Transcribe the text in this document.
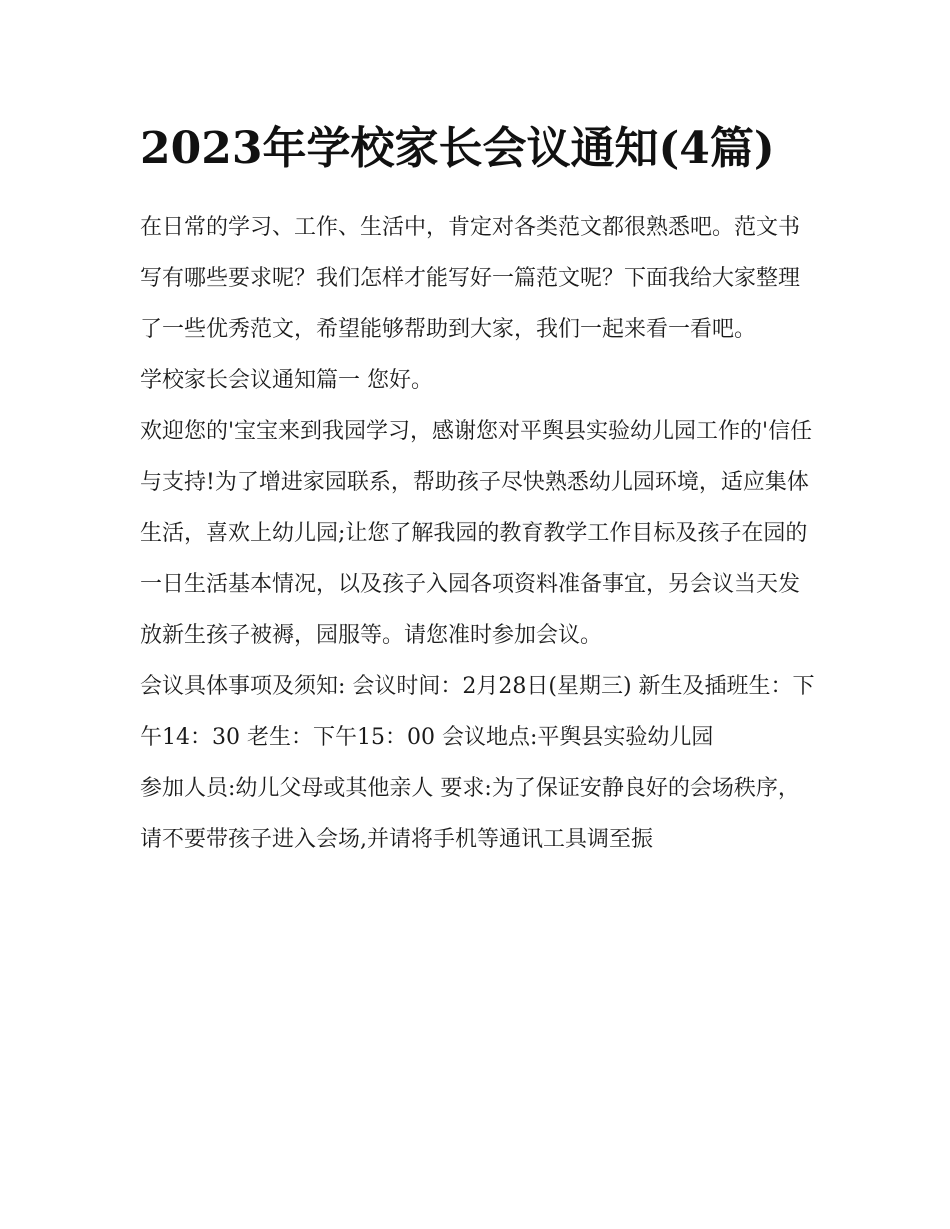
2023年学校家长会议通知(4篇)

在日常的学习、工作、生活中，肯定对各类范文都很熟悉吧。范文书写有哪些要求呢？我们怎样才能写好一篇范文呢？下面我给大家整理了一些优秀范文，希望能够帮助到大家，我们一起来看一看吧。

学校家长会议通知篇一 您好。

欢迎您的'宝宝来到我园学习，感谢您对平舆县实验幼儿园工作的'信任与支持!为了增进家园联系，帮助孩子尽快熟悉幼儿园环境，适应集体生活，喜欢上幼儿园;让您了解我园的教育教学工作目标及孩子在园的一日生活基本情况，以及孩子入园各项资料准备事宜，另会议当天发放新生孩子被褥，园服等。请您准时参加会议。

会议具体事项及须知: 会议时间：2月28日(星期三) 新生及插班生：下午14：30 老生：下午15：00 会议地点:平舆县实验幼儿园

参加人员:幼儿父母或其他亲人 要求:为了保证安静良好的会场秩序，请不要带孩子进入会场,并请将手机等通讯工具调至振
